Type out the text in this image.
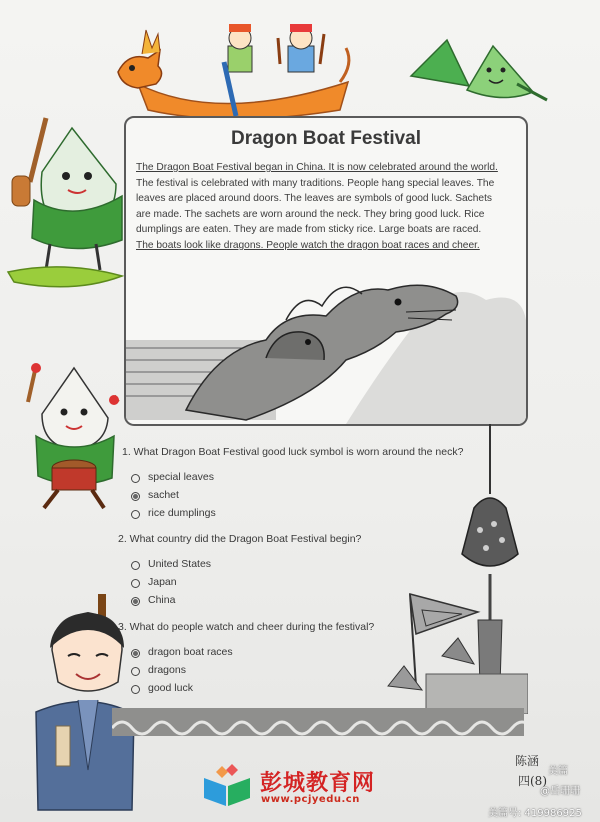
Dragon Boat Festival
The Dragon Boat Festival began in China. It is now celebrated around the world.
The festival is celebrated with many traditions. People hang special leaves. The
leaves are placed around doors. The leaves are symbols of good luck. Sachets
are made. The sachets are worn around the neck. They bring good luck. Rice
dumplings are eaten. They are made from sticky rice. Large boats are raced.
The boats look like dragons. People watch the dragon boat races and cheer.
1. What Dragon Boat Festival good luck symbol is worn around the neck?
special leaves
sachet
rice dumplings
2. What country did the Dragon Boat Festival begin?
United States
Japan
China
3. What do people watch and cheer during the festival?
dragon boat races
dragons
good luck
陈涵
四(8)
彭城教育网
www.pcjyedu.cn
美篇
@岳珊珊
美篇号: 419986925
